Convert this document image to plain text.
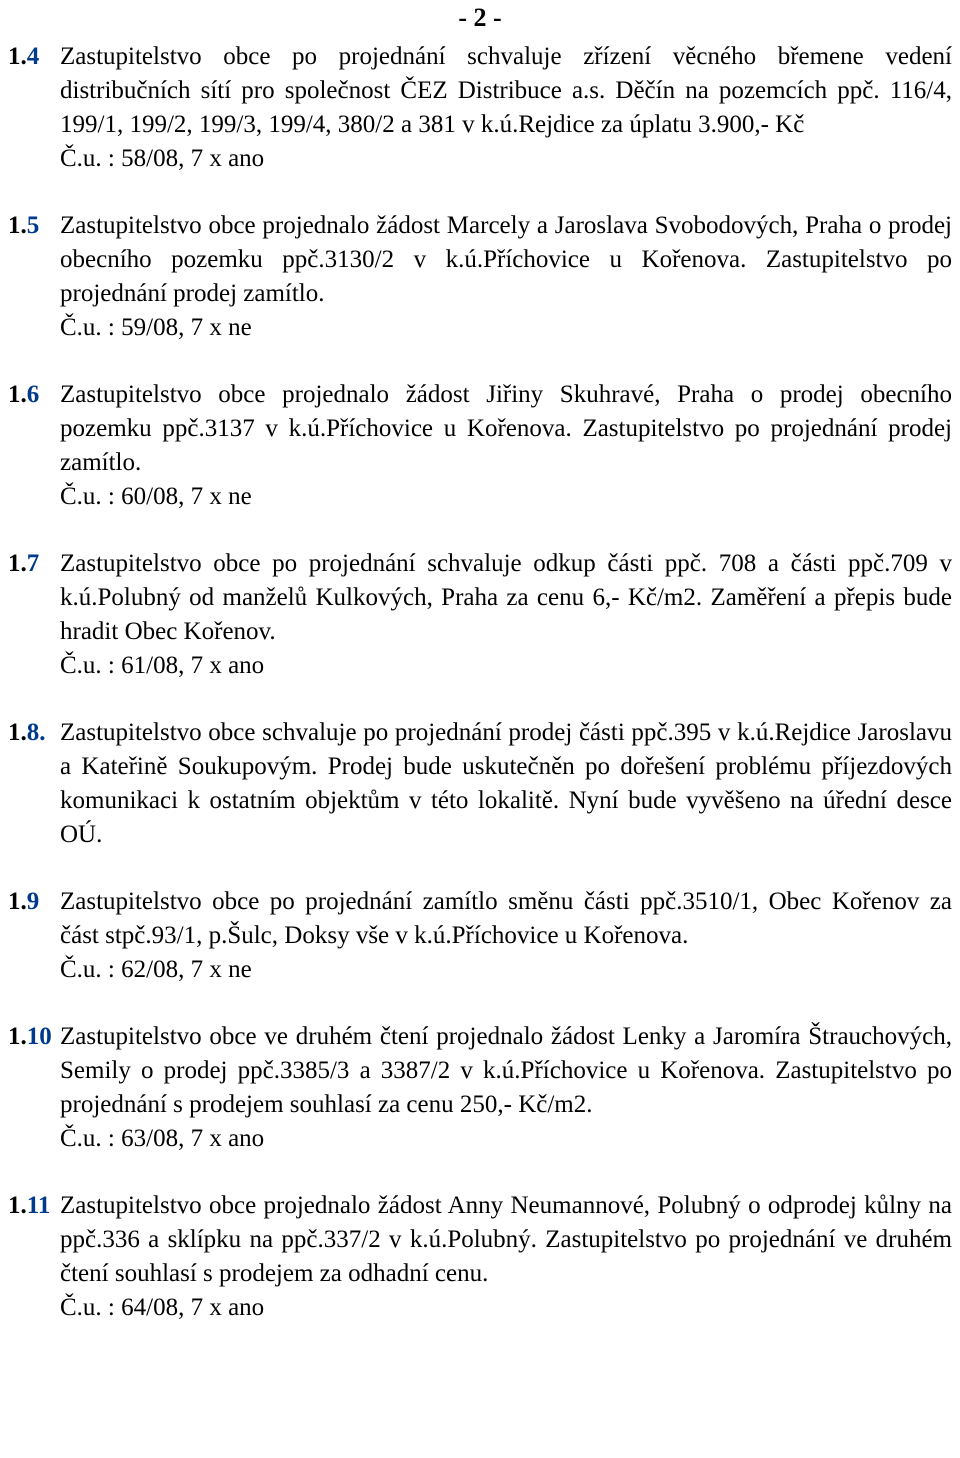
- 2 -
1.4 Zastupitelstvo obce po projednání schvaluje zřízení věcného břemene vedení distribučních sítí pro společnost ČEZ Distribuce a.s. Děčín na pozemcích ppč. 116/4, 199/1, 199/2, 199/3, 199/4, 380/2 a 381 v k.ú.Rejdice za úplatu 3.900,- Kč

Č.u. : 58/08, 7 x ano

1.5 Zastupitelstvo obce projednalo žádost Marcely a Jaroslava Svobodových, Praha o prodej obecního pozemku ppč.3130/2 v k.ú.Příchovice u Kořenova. Zastupitelstvo po projednání prodej zamítlo.

Č.u. : 59/08, 7 x ne

1.6 Zastupitelstvo obce projednalo žádost Jiřiny Skuhravé, Praha o prodej obecního pozemku ppč.3137 v k.ú.Příchovice u Kořenova. Zastupitelstvo po projednání prodej zamítlo.

Č.u. : 60/08, 7 x ne

1.7 Zastupitelstvo obce po projednání schvaluje odkup části ppč. 708 a části ppč.709 v k.ú.Polubný od manželů Kulkových, Praha za cenu 6,- Kč/m2. Zaměření a přepis bude hradit Obec Kořenov.

Č.u. : 61/08, 7 x ano

1.8. Zastupitelstvo obce schvaluje po projednání prodej části ppč.395 v k.ú.Rejdice Jaroslavu a Kateřině Soukupovým. Prodej bude uskutečněn po dořešení problému příjezdových komunikaci k ostatním objektům v této lokalitě. Nyní bude vyvěšeno na úřední desce OÚ.

1.9 Zastupitelstvo obce po projednání zamítlo směnu části ppč.3510/1, Obec Kořenov za část stpč.93/1, p.Šulc, Doksy vše v k.ú.Příchovice u Kořenova.

Č.u. : 62/08, 7 x ne

1.10 Zastupitelstvo obce ve druhém čtení projednalo žádost Lenky a Jaromíra Štrauchových, Semily o prodej ppč.3385/3 a 3387/2 v k.ú.Příchovice u Kořenova. Zastupitelstvo po projednání s prodejem souhlasí za cenu 250,- Kč/m2.

Č.u. : 63/08, 7 x ano

1.11 Zastupitelstvo obce projednalo žádost Anny Neumannové, Polubný o odprodej kůlny na ppč.336 a sklípku na ppč.337/2 v k.ú.Polubný. Zastupitelstvo po projednání ve druhém čtení souhlasí s prodejem za odhadní cenu.

Č.u. : 64/08, 7 x ano
